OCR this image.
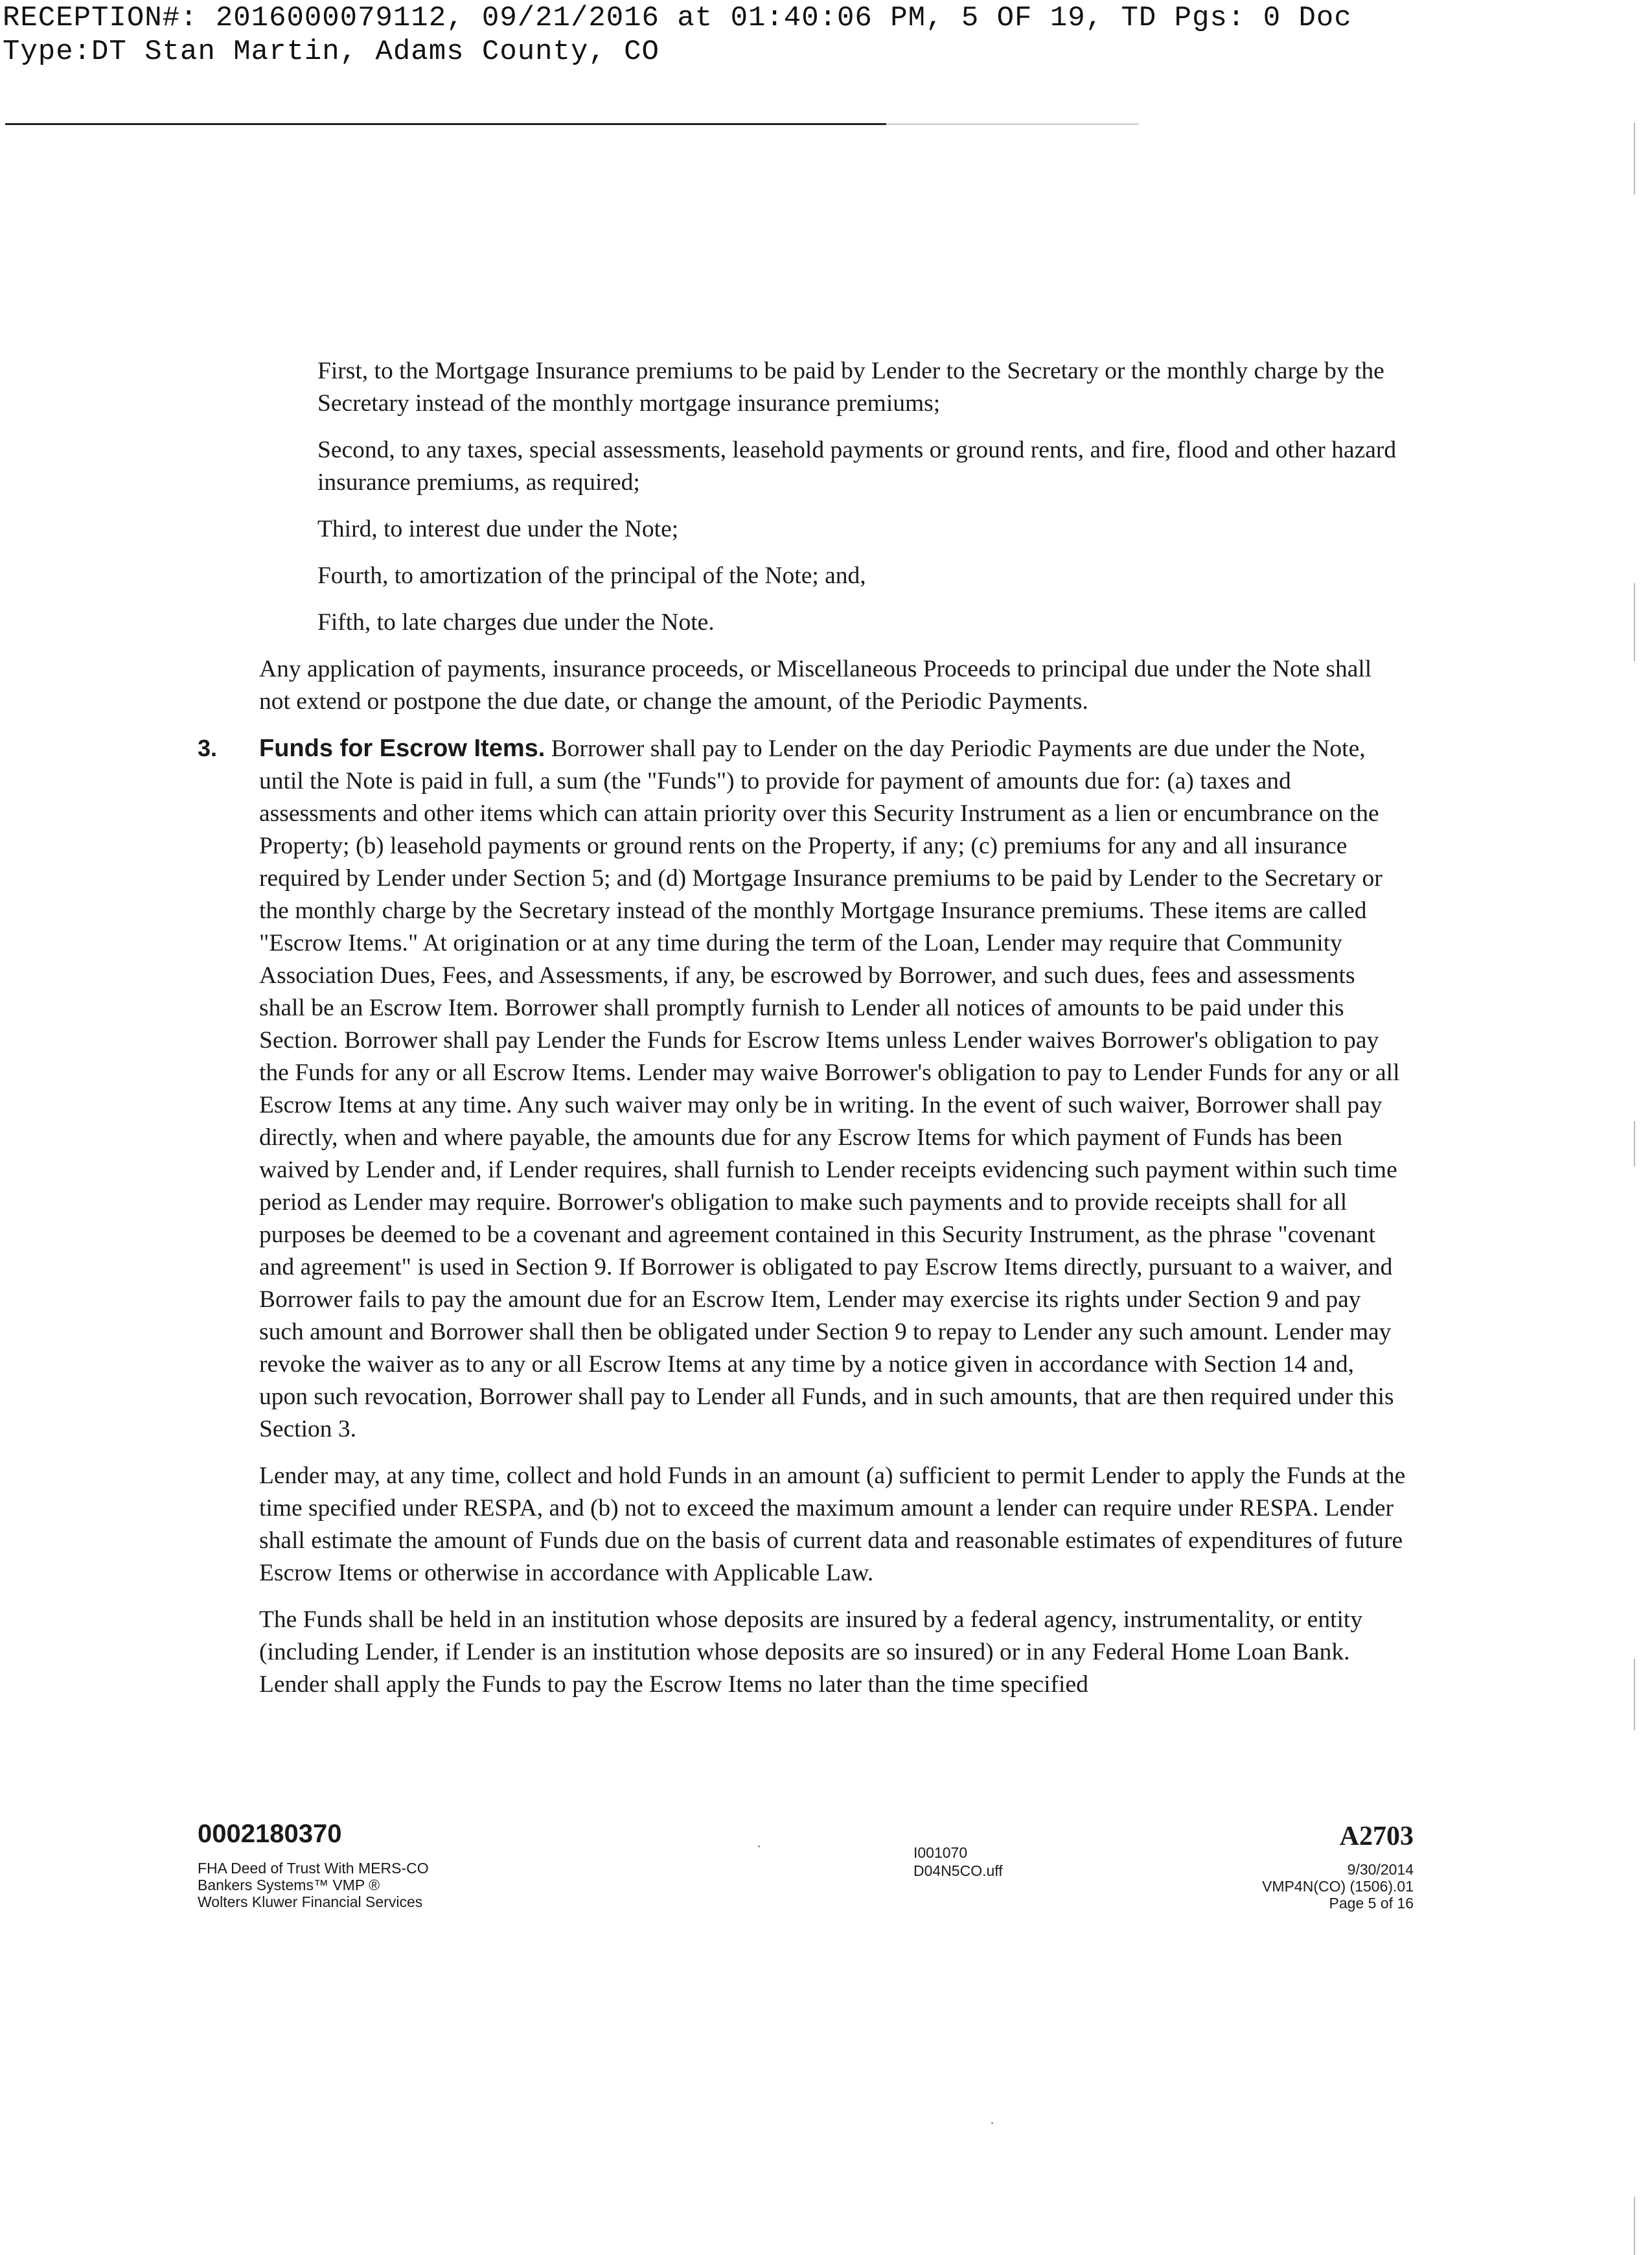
RECEPTION#: 2016000079112, 09/21/2016 at 01:40:06 PM, 5 OF 19, TD Pgs: 0 Doc
Type:DT Stan Martin, Adams County, CO

First, to the Mortgage Insurance premiums to be paid by Lender to the Secretary or the monthly charge by the Secretary instead of the monthly mortgage insurance premiums;

Second, to any taxes, special assessments, leasehold payments or ground rents, and fire, flood and other hazard insurance premiums, as required;

Third, to interest due under the Note;

Fourth, to amortization of the principal of the Note; and,

Fifth, to late charges due under the Note.

Any application of payments, insurance proceeds, or Miscellaneous Proceeds to principal due under the Note shall not extend or postpone the due date, or change the amount, of the Periodic Payments.

3. Funds for Escrow Items. Borrower shall pay to Lender on the day Periodic Payments are due under the Note, until the Note is paid in full, a sum (the "Funds") to provide for payment of amounts due for: (a) taxes and assessments and other items which can attain priority over this Security Instrument as a lien or encumbrance on the Property; (b) leasehold payments or ground rents on the Property, if any; (c) premiums for any and all insurance required by Lender under Section 5; and (d) Mortgage Insurance premiums to be paid by Lender to the Secretary or the monthly charge by the Secretary instead of the monthly Mortgage Insurance premiums. These items are called "Escrow Items." At origination or at any time during the term of the Loan, Lender may require that Community Association Dues, Fees, and Assessments, if any, be escrowed by Borrower, and such dues, fees and assessments shall be an Escrow Item. Borrower shall promptly furnish to Lender all notices of amounts to be paid under this Section. Borrower shall pay Lender the Funds for Escrow Items unless Lender waives Borrower's obligation to pay the Funds for any or all Escrow Items. Lender may waive Borrower's obligation to pay to Lender Funds for any or all Escrow Items at any time. Any such waiver may only be in writing. In the event of such waiver, Borrower shall pay directly, when and where payable, the amounts due for any Escrow Items for which payment of Funds has been waived by Lender and, if Lender requires, shall furnish to Lender receipts evidencing such payment within such time period as Lender may require. Borrower's obligation to make such payments and to provide receipts shall for all purposes be deemed to be a covenant and agreement contained in this Security Instrument, as the phrase "covenant and agreement" is used in Section 9. If Borrower is obligated to pay Escrow Items directly, pursuant to a waiver, and Borrower fails to pay the amount due for an Escrow Item, Lender may exercise its rights under Section 9 and pay such amount and Borrower shall then be obligated under Section 9 to repay to Lender any such amount. Lender may revoke the waiver as to any or all Escrow Items at any time by a notice given in accordance with Section 14 and, upon such revocation, Borrower shall pay to Lender all Funds, and in such amounts, that are then required under this Section 3.

Lender may, at any time, collect and hold Funds in an amount (a) sufficient to permit Lender to apply the Funds at the time specified under RESPA, and (b) not to exceed the maximum amount a lender can require under RESPA. Lender shall estimate the amount of Funds due on the basis of current data and reasonable estimates of expenditures of future Escrow Items or otherwise in accordance with Applicable Law.

The Funds shall be held in an institution whose deposits are insured by a federal agency, instrumentality, or entity (including Lender, if Lender is an institution whose deposits are so insured) or in any Federal Home Loan Bank. Lender shall apply the Funds to pay the Escrow Items no later than the time specified

0002180370
FHA Deed of Trust With MERS-CO
Bankers Systems™ VMP ®
Wolters Kluwer Financial Services
I001070
D04N5CO.uff
A2703
9/30/2014
VMP4N(CO) (1506).01
Page 5 of 16
